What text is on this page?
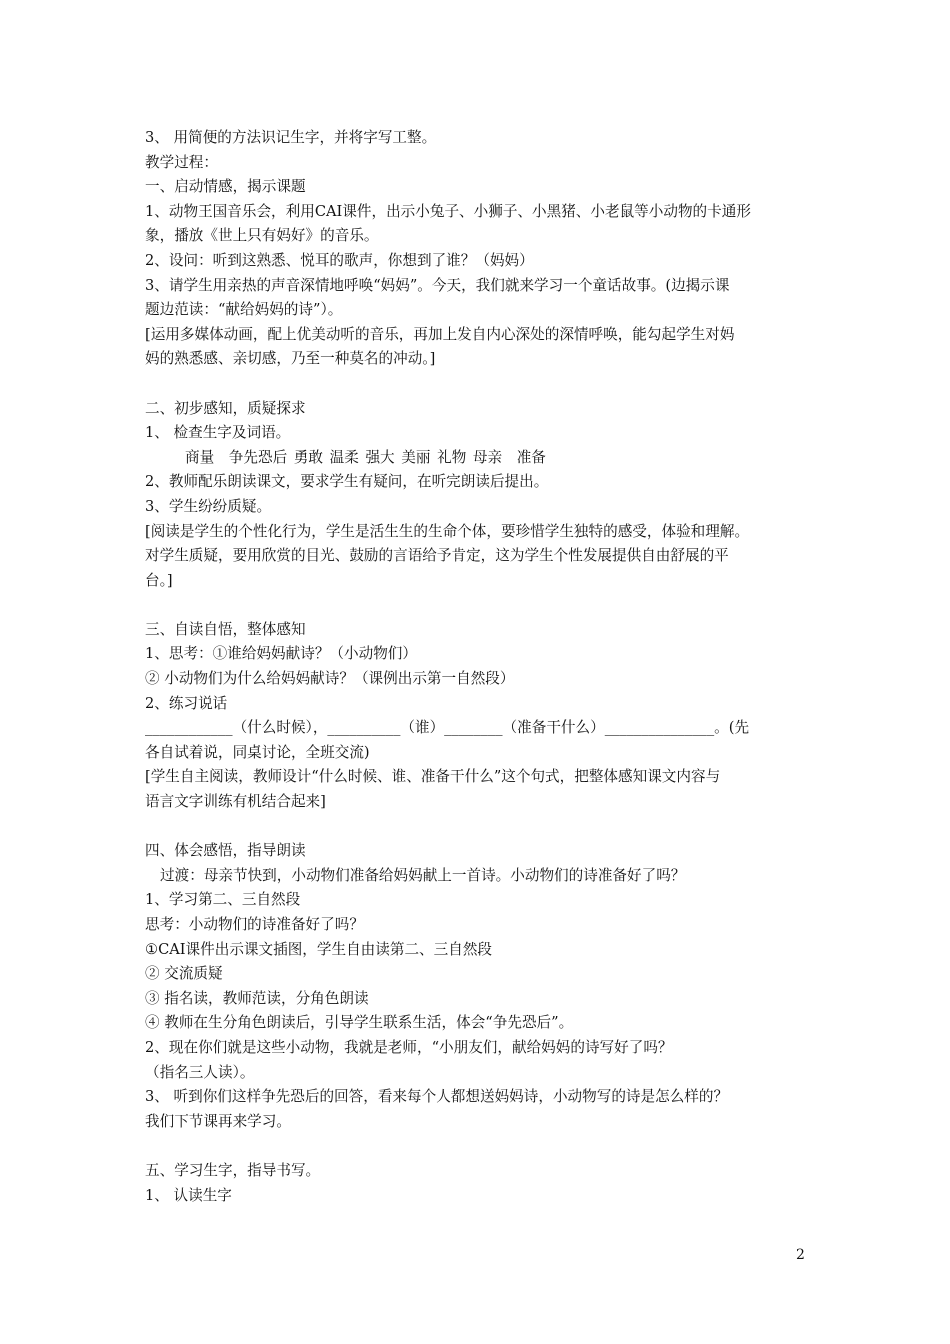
3、 用简便的方法识记生字，并将字写工整。
教学过程：
一、启动情感，揭示课题
1、动物王国音乐会，利用CAI课件，出示小兔子、小狮子、小黑猪、小老鼠等小动物的卡通形
象，播放《世上只有妈好》的音乐。
2、设问：听到这熟悉、悦耳的歌声，你想到了谁？（妈妈）
3、请学生用亲热的声音深情地呼唤“妈妈”。今天，我们就来学习一个童话故事。(边揭示课
题边范读：“献给妈妈的诗”）。
[运用多媒体动画，配上优美动听的音乐，再加上发自内心深处的深情呼唤，能勾起学生对妈
妈的熟悉感、亲切感，乃至一种莫名的冲动。]
二、初步感知，质疑探求
1、 检查生字及词语。
商量　争先恐后 勇敢 温柔 强大 美丽 礼物 母亲　准备
2、教师配乐朗读课文，要求学生有疑问，在听完朗读后提出。
3、学生纷纷质疑。
[阅读是学生的个性化行为，学生是活生生的生命个体，要珍惜学生独特的感受，体验和理解。
对学生质疑，要用欣赏的目光、鼓励的言语给予肯定，这为学生个性发展提供自由舒展的平
台。]
三、自读自悟，整体感知
1、思考：①谁给妈妈献诗？（小动物们）
② 小动物们为什么给妈妈献诗？（课例出示第一自然段）
2、练习说话
____________（什么时候），__________（谁）________（准备干什么）_______________。(先
各自试着说，同桌讨论，全班交流)
[学生自主阅读，教师设计“什么时候、谁、准备干什么”这个句式，把整体感知课文内容与
语言文字训练有机结合起来]
四、体会感悟，指导朗读
过渡：母亲节快到，小动物们准备给妈妈献上一首诗。小动物们的诗准备好了吗？
1、学习第二、三自然段
思考：小动物们的诗准备好了吗？
①CAI课件出示课文插图，学生自由读第二、三自然段
② 交流质疑
③ 指名读，教师范读，分角色朗读
④ 教师在生分角色朗读后，引导学生联系生活，体会“争先恐后”。
2、现在你们就是这些小动物，我就是老师，“小朋友们，献给妈妈的诗写好了吗？
（指名三人读）。
3、 听到你们这样争先恐后的回答，看来每个人都想送妈妈诗，小动物写的诗是怎么样的？
我们下节课再来学习。
五、学习生字，指导书写。
1、 认读生字
2
